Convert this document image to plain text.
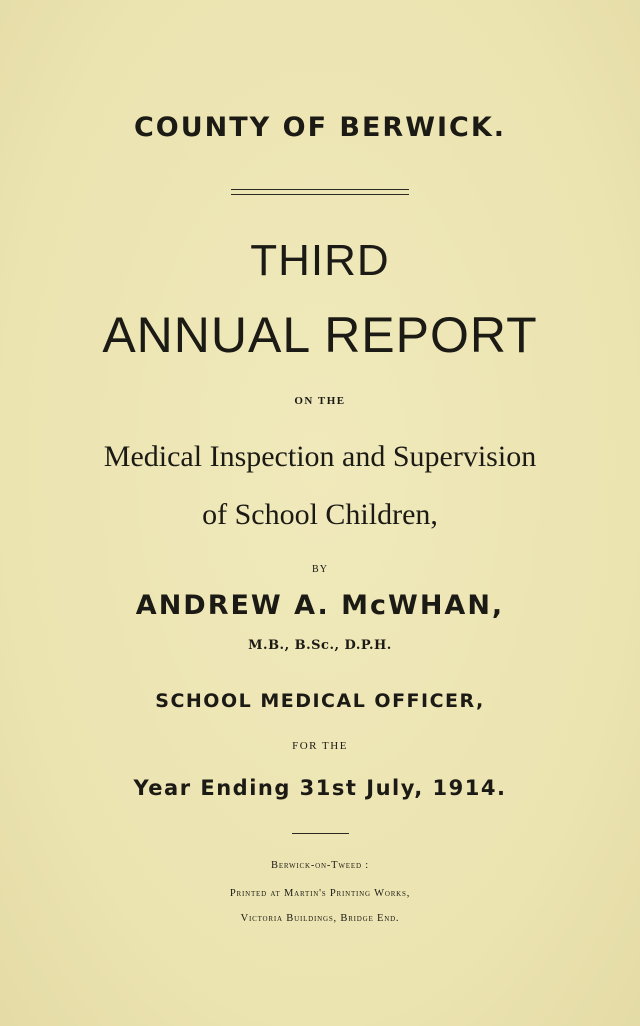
COUNTY OF BERWICK.
THIRD
ANNUAL REPORT
ON THE
Medical Inspection and Supervision
of School Children,
BY
ANDREW A. McWHAN,
M.B., B.Sc., D.P.H.
SCHOOL MEDICAL OFFICER,
FOR THE
Year Ending 31st July, 1914.
Berwick-on-Tweed :
Printed at Martin's Printing Works,
Victoria Buildings, Bridge End.
